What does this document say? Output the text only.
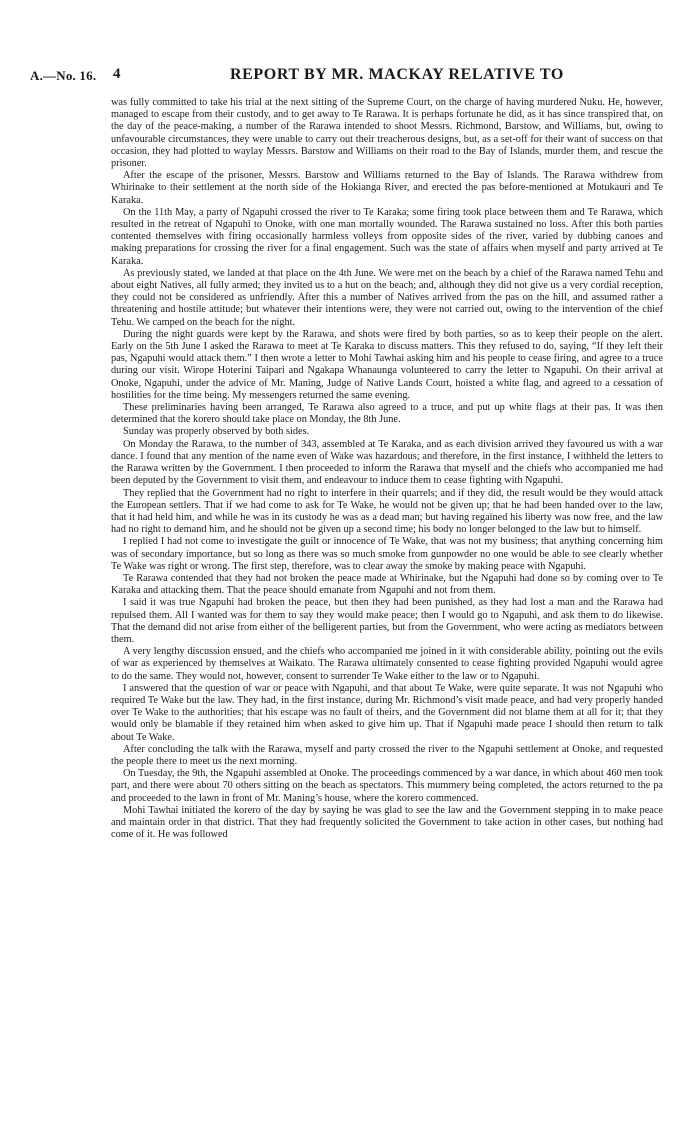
A.—No. 16. 4	REPORT BY MR. MACKAY RELATIVE TO

was fully committed to take his trial at the next sitting of the Supreme Court, on the charge of having murdered Nuku. He, however, managed to escape from their custody, and to get away to Te Rarawa. It is perhaps fortunate he did, as it has since transpired that, on the day of the peace-making, a number of the Rarawa intended to shoot Messrs. Richmond, Barstow, and Williams, but, owing to unfavourable circumstances, they were unable to carry out their treacherous designs, but, as a set-off for their want of success on that occasion, they had plotted to waylay Messrs. Barstow and Williams on their road to the Bay of Islands, murder them, and rescue the prisoner.

After the escape of the prisoner, Messrs. Barstow and Williams returned to the Bay of Islands. The Rarawa withdrew from Whirinake to their settlement at the north side of the Hokianga River, and erected the pas before-mentioned at Motukauri and Te Karaka.

On the 11th May, a party of Ngapuhi crossed the river to Te Karaka; some firing took place between them and Te Rarawa, which resulted in the retreat of Ngapuhi to Onoke, with one man mortally wounded. The Rarawa sustained no loss. After this both parties contented themselves with firing occasionally harmless volleys from opposite sides of the river, varied by dubbing canoes and making preparations for crossing the river for a final engagement. Such was the state of affairs when myself and party arrived at Te Karaka.

As previously stated, we landed at that place on the 4th June. We were met on the beach by a chief of the Rarawa named Tehu and about eight Natives, all fully armed; they invited us to a hut on the beach; and, although they did not give us a very cordial reception, they could not be considered as unfriendly. After this a number of Natives arrived from the pas on the hill, and assumed rather a threatening and hostile attitude; but whatever their intentions were, they were not carried out, owing to the intervention of the chief Tehu. We camped on the beach for the night.

During the night guards were kept by the Rarawa, and shots were fired by both parties, so as to keep their people on the alert. Early on the 5th June I asked the Rarawa to meet at Te Karaka to discuss matters. This they refused to do, saying, “If they left their pas, Ngapuhi would attack them.” I then wrote a letter to Mohi Tawhai asking him and his people to cease firing, and agree to a truce during our visit. Wirope Hoterini Taipari and Ngakapa Whanaunga volunteered to carry the letter to Ngapuhi. On their arrival at Onoke, Ngapuhi, under the advice of Mr. Maning, Judge of Native Lands Court, hoisted a white flag, and agreed to a cessation of hostilities for the time being. My messengers returned the same evening.

These preliminaries having been arranged, Te Rarawa also agreed to a truce, and put up white flags at their pas. It was then determined that the korero should take place on Monday, the 8th June.

Sunday was properly observed by both sides.

On Monday the Rarawa, to the number of 343, assembled at Te Karaka, and as each division arrived they favoured us with a war dance. I found that any mention of the name even of Wake was hazardous; and therefore, in the first instance, I withheld the letters to the Rarawa written by the Government. I then proceeded to inform the Rarawa that myself and the chiefs who accompanied me had been deputed by the Government to visit them, and endeavour to induce them to cease fighting with Ngapuhi.

They replied that the Government had no right to interfere in their quarrels; and if they did, the result would be they would attack the European settlers. That if we had come to ask for Te Wake, he would not be given up; that he had been handed over to the law, that it had held him, and while he was in its custody he was as a dead man; but having regained his liberty was now free, and the law had no right to demand him, and he should not be given up a second time; his body no longer belonged to the law but to himself.

I replied I had not come to investigate the guilt or innocence of Te Wake, that was not my business; that anything concerning him was of secondary importance, but so long as there was so much smoke from gunpowder no one would be able to see clearly whether Te Wake was right or wrong. The first step, therefore, was to clear away the smoke by making peace with Ngapuhi.

Te Rarawa contended that they had not broken the peace made at Whirinake, but the Ngapuhi had done so by coming over to Te Karaka and attacking them. That the peace should emanate from Ngapuhi and not from them.

I said it was true Ngapuhi had broken the peace, but then they had been punished, as they had lost a man and the Rarawa had repulsed them. All I wanted was for them to say they would make peace; then I would go to Ngapuhi, and ask them to do likewise. That the demand did not arise from either of the belligerent parties, but from the Government, who were acting as mediators between them.

A very lengthy discussion ensued, and the chiefs who accompanied me joined in it with considerable ability, pointing out the evils of war as experienced by themselves at Waikato. The Rarawa ultimately consented to cease fighting provided Ngapuhi would agree to do the same. They would not, however, consent to surrender Te Wake either to the law or to Ngapuhi.

I answered that the question of war or peace with Ngapuhi, and that about Te Wake, were quite separate. It was not Ngapuhi who required Te Wake but the law. They had, in the first instance, during Mr. Richmond’s visit made peace, and had very properly handed over Te Wake to the authorities; that his escape was no fault of theirs, and the Government did not blame them at all for it; that they would only be blamable if they retained him when asked to give him up. That if Ngapuhi made peace I should then return to talk about Te Wake.

After concluding the talk with the Rarawa, myself and party crossed the river to the Ngapuhi settlement at Onoke, and requested the people there to meet us the next morning.

On Tuesday, the 9th, the Ngapuhi assembled at Onoke. The proceedings commenced by a war dance, in which about 460 men took part, and there were about 70 others sitting on the beach as spectators. This mummery being completed, the actors returned to the pa and proceeded to the lawn in front of Mr. Maning’s house, where the korero commenced.

Mohi Tawhai initiated the korero of the day by saying he was glad to see the law and the Government stepping in to make peace and maintain order in that district. That they had frequently solicited the Government to take action in other cases, but nothing had come of it. He was followed
